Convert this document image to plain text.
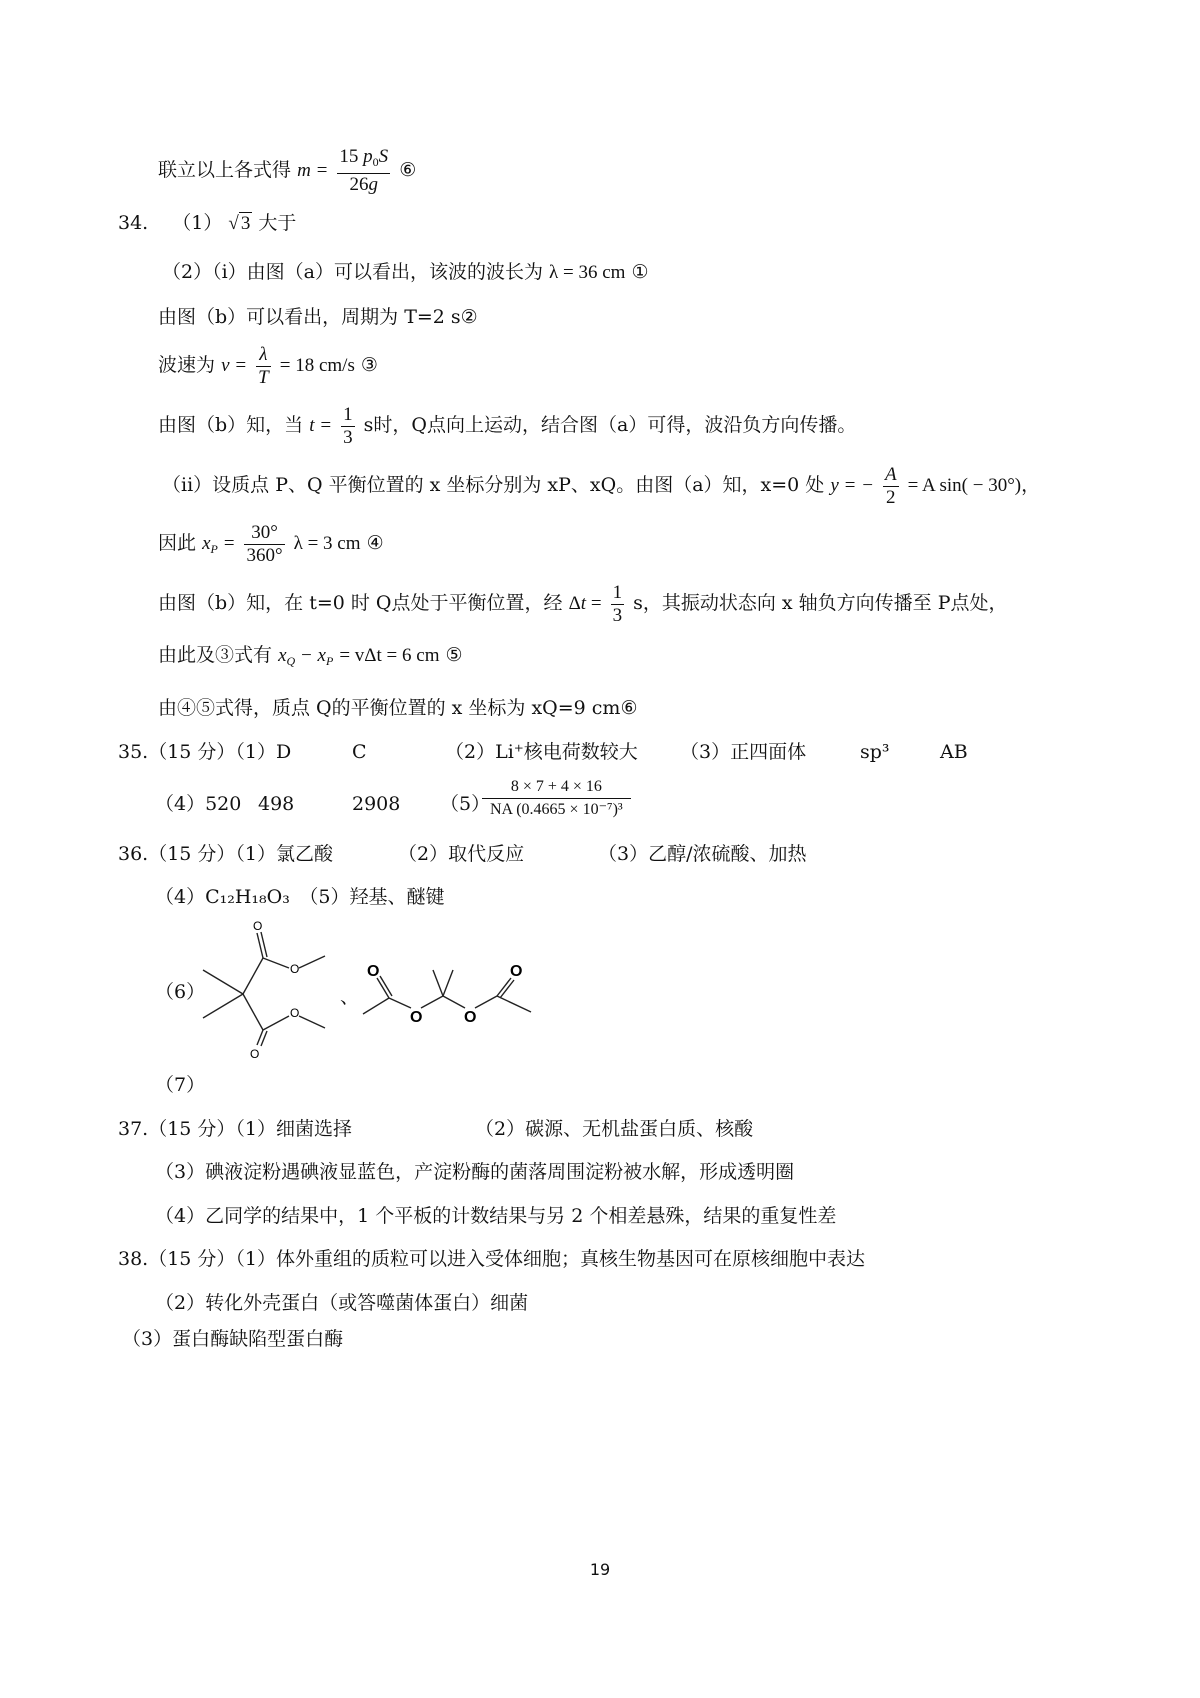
联立以上各式得 $m = \frac{15 p_0S}{26g}$ ⑥
34. （1） √ 3 大于
（2）（i）由图（a）可以看出，该波的波长为 λ = 36 cm ①
由图（b）可以看出，周期为 T=2 s②
波速为 $v = \frac{\lambda}{T} = 18$ cm/s ③
由图（b）知，当 $t = \frac{1}{3}$ s时，Q点向上运动，结合图（a）可得，波沿负方向传播。
（ii）设质点 P、Q 平衡位置的 x 坐标分别为 xP、xQ。由图（a）知，x=0 处 y = − $\frac{A}{2} = A$ sin( − 30°)，
因此 $x_P = \frac{30^\circ}{360^\circ}$ λ = 3 cm ④
由图（b）知，在 t=0 时 Q点处于平衡位置，经 $\Delta t = \frac{1}{3}$ s，其振动状态向 x 轴负方向传播至 P点处，
由此及③式有 $x_Q - x_P = v\Delta t = 6$ cm ⑤
由④⑤式得，质点 Q的平衡位置的 x 坐标为 xQ=9 cm⑥
35.（15 分）（1）D	C	（2）Li⁺核电荷数较大 （3）正四面体	sp³	AB
（4）520 498	2908 （5）
$\frac{8 \times 7 + 4 \times 16}{\text{NA (0.4665 × 10⁻⁷)³}}$
36.（15 分）（1）氯乙酸	（2）取代反应	（3）乙醇/浓硫酸、加热
（4）C₁₂H₁₈O₃　（5）羟基、醚键
（6）
O
O
O
O
、
O
O	O
O
（7）
37.（15 分）（1）细菌选择	（2）碳源、无机盐蛋白质、核酸
（3）碘液淀粉遇碘液显蓝色，产淀粉酶的菌落周围淀粉被水解，形成透明圈
（4）乙同学的结果中，1 个平板的计数结果与另 2 个相差悬殊，结果的重复性差
38.（15 分）（1）体外重组的质粒可以进入受体细胞；真核生物基因可在原核细胞中表达
（2）转化外壳蛋白（或答噬菌体蛋白）细菌
（3）蛋白酶缺陷型蛋白酶
19
